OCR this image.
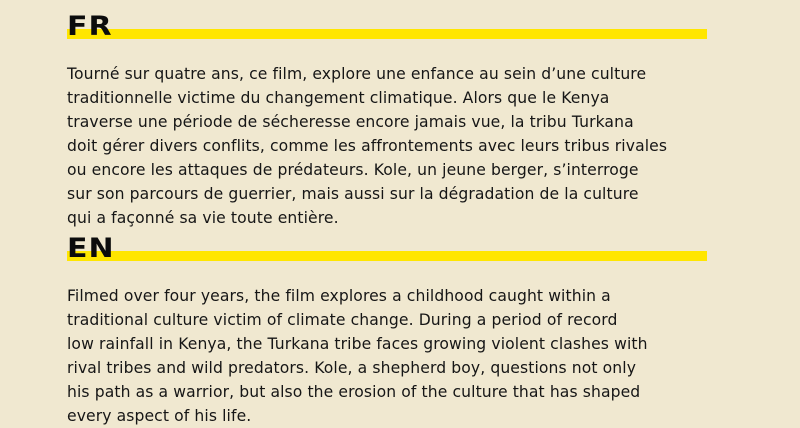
FR

Tourné sur quatre ans, ce film, explore une enfance au sein d’une culture
traditionnelle victime du changement climatique. Alors que le Kenya
traverse une période de sécheresse encore jamais vue, la tribu Turkana
doit gérer divers conflits, comme les affrontements avec leurs tribus rivales
ou encore les attaques de prédateurs. Kole, un jeune berger, s’interroge
sur son parcours de guerrier, mais aussi sur la dégradation de la culture
qui a façonné sa vie toute entière.

EN

Filmed over four years, the film explores a childhood caught within a
traditional culture victim of climate change. During a period of record
low rainfall in Kenya, the Turkana tribe faces growing violent clashes with
rival tribes and wild predators. Kole, a shepherd boy, questions not only
his path as a warrior, but also the erosion of the culture that has shaped
every aspect of his life.
